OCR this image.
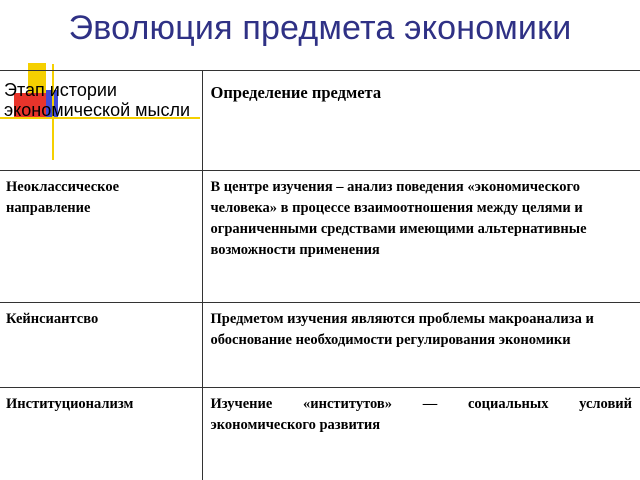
Эволюция предмета экономики
Этап истории экономической мысли	Определение предмета

Неоклассическое направление	В центре изучения – анализ поведения «экономического человека» в процессе взаимоотношения между целями и ограниченными средствами имеющими альтернативные возможности применения

Кейнсиантсво	Предметом изучения являются проблемы макроанализа и обоснование необходимости регулирования экономики

Институционализм	Изучение «институтов» — социальных условий экономического развития
